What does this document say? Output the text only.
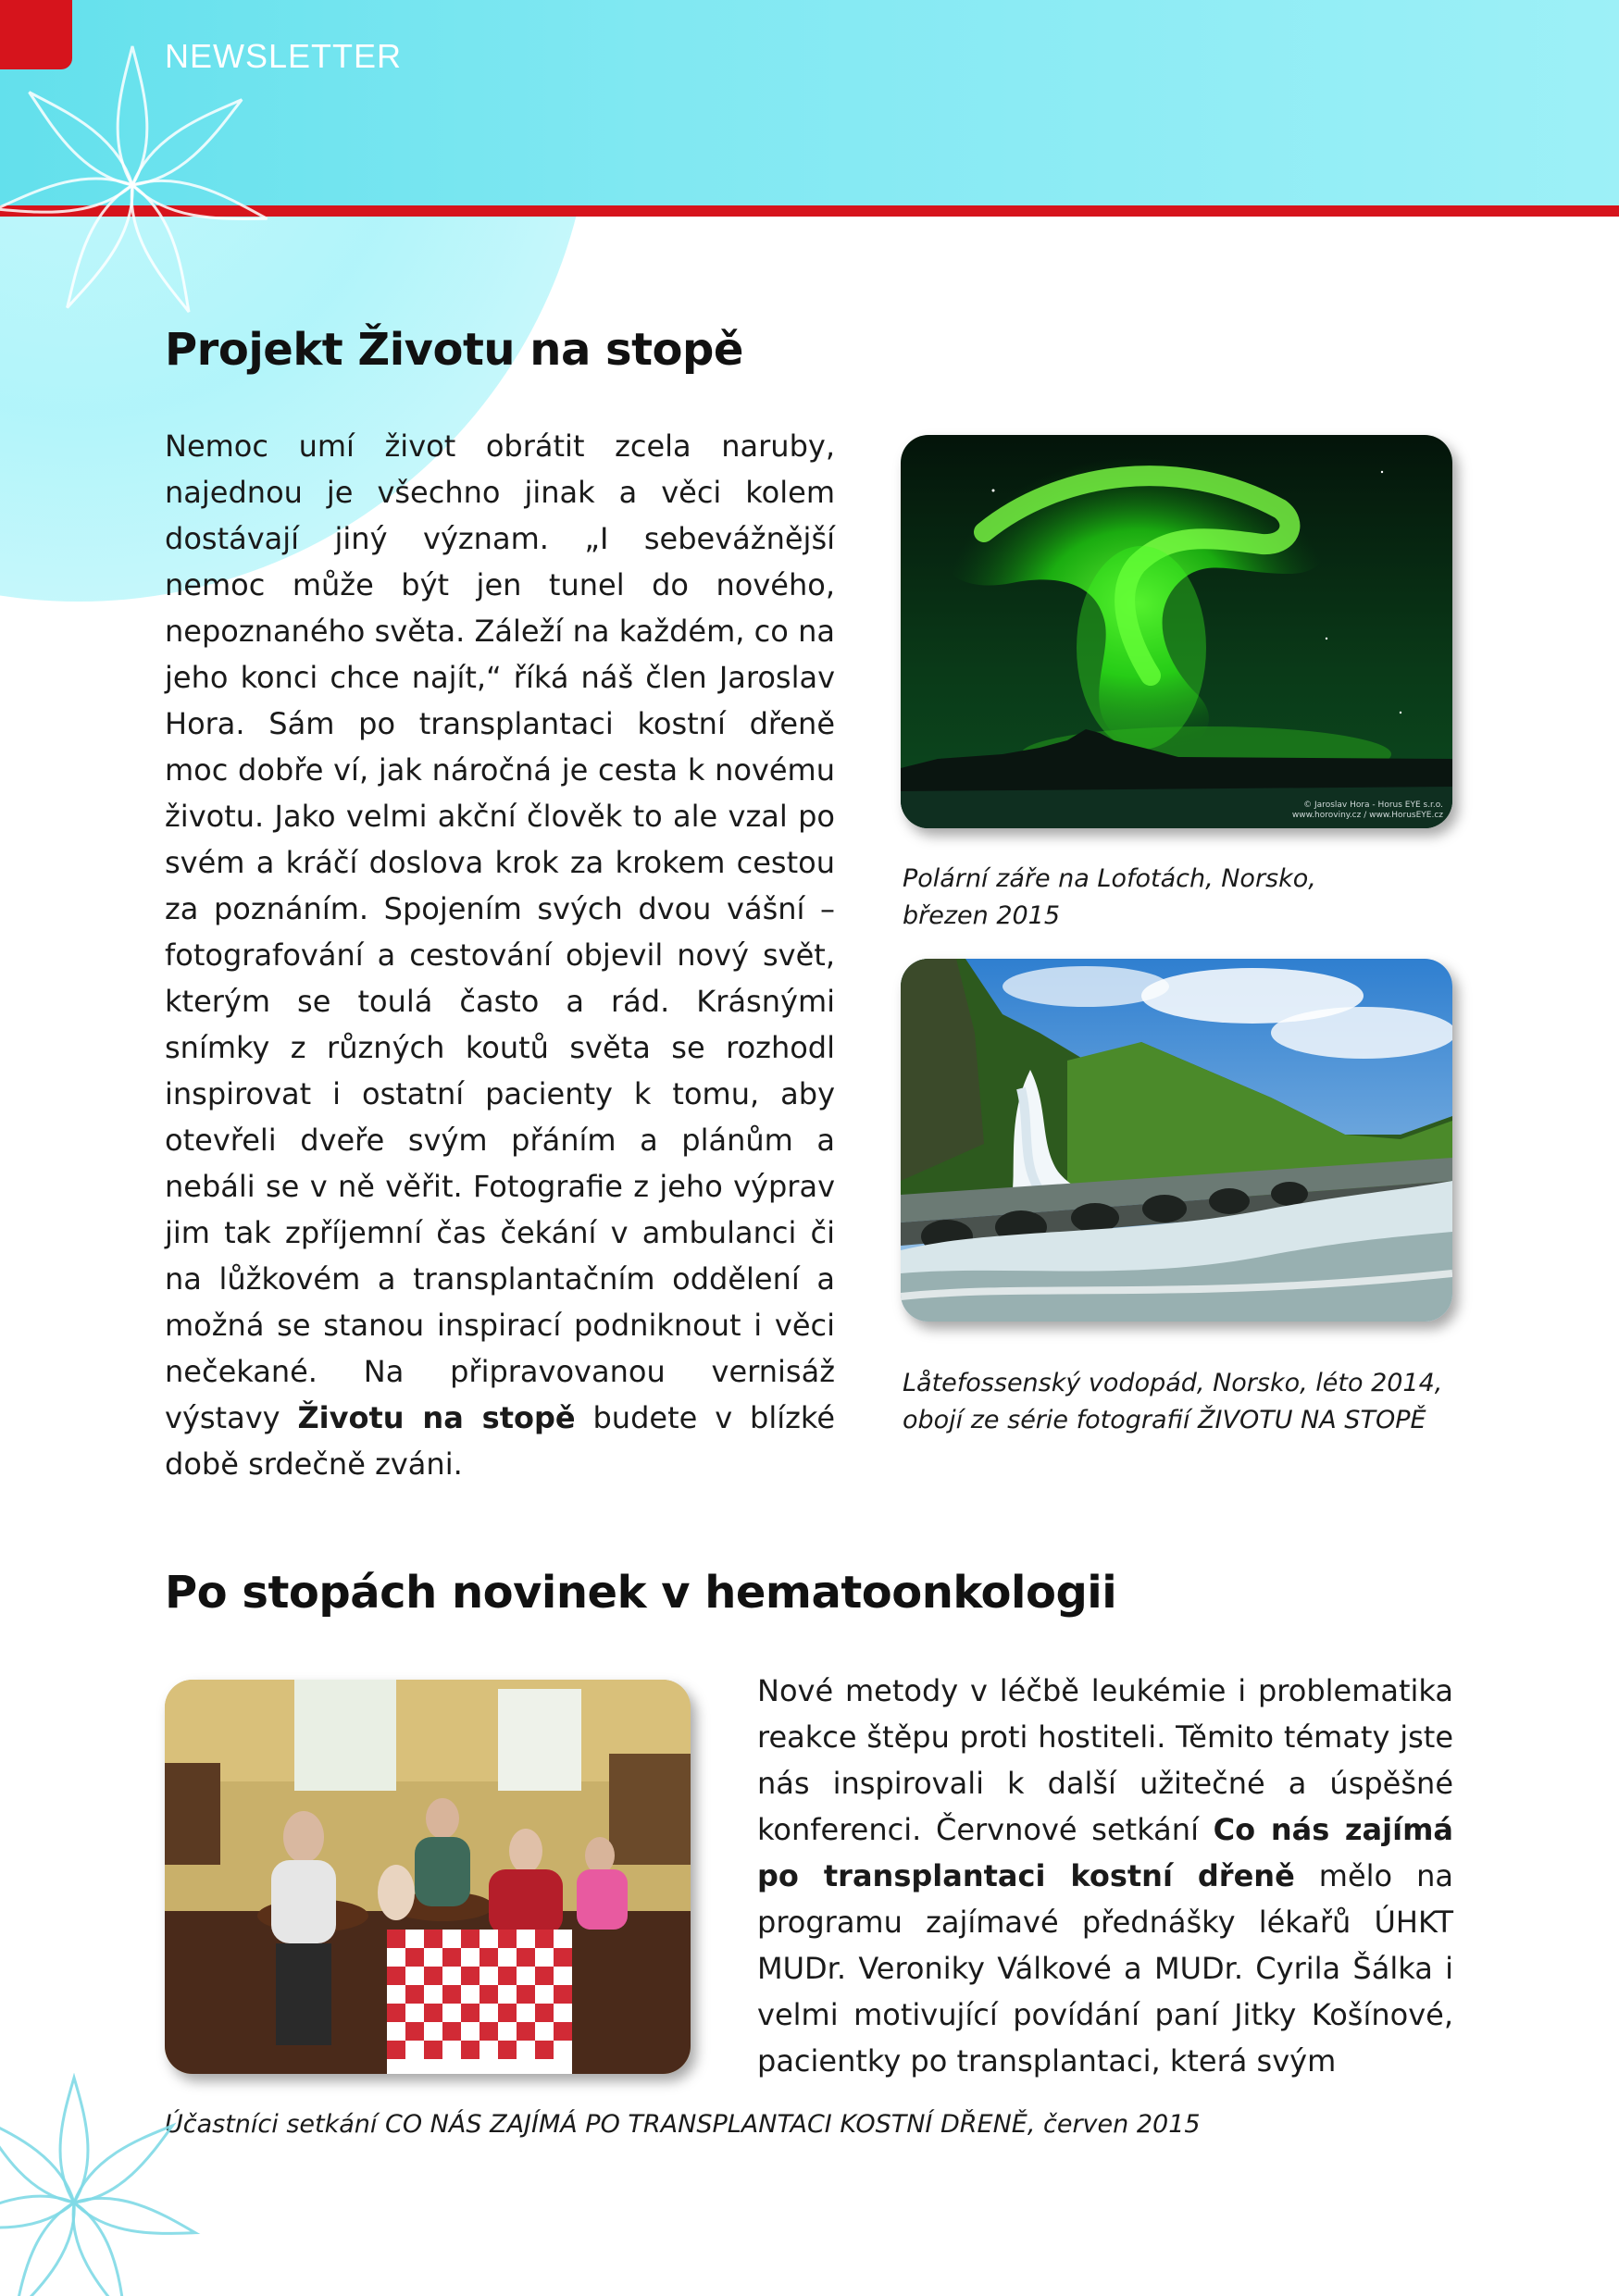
NEWSLETTER
Projekt Životu na stopě

Nemoc umí život obrátit zcela naruby, najednou je všechno jinak a věci kolem dostávají jiný význam. „I sebevážnější nemoc může být jen tunel do nového, nepoznaného světa. Záleží na každém, co na jeho konci chce najít,“ říká náš člen Jaroslav Hora. Sám po transplantaci kostní dřeně moc dobře ví, jak náročná je cesta k novému životu. Jako velmi akční člověk to ale vzal po svém a kráčí doslova krok za krokem cestou za poznáním. Spojením svých dvou vášní – fotografování a cestování objevil nový svět, kterým se toulá často a rád. Krásnými snímky z různých koutů světa se rozhodl inspirovat i ostatní pacienty k tomu, aby otevřeli dveře svým přáním a plánům a nebáli se v ně věřit. Fotografie z jeho výprav jim tak zpříjemní čas čekání v ambulanci či na lůžkovém a transplantačním oddělení a možná se stanou inspirací podniknout i věci nečekané. Na připravovanou vernisáž výstavy Životu na stopě budete v blízké době srdečně zváni.

© Jaroslav Hora - Horus EYE s.r.o.
www.horoviny.cz / www.HorusEYE.cz

Polární záře na Lofotách, Norsko,
březen 2015

Låtefossenský vodopád, Norsko, léto 2014,
obojí ze série fotografií ŽIVOTU NA STOPĚ

Po stopách novinek v hematoonkologii

Nové metody v léčbě leukémie i problematika reakce štěpu proti hostiteli. Těmito tématy jste nás inspirovali k další užitečné a úspěšné konferenci. Červnové setkání Co nás zajímá po transplantaci kostní dřeně mělo na programu zajímavé přednášky lékařů ÚHKT MUDr. Veroniky Válkové a MUDr. Cyrila Šálka i velmi motivující povídání paní Jitky Košínové, pacientky po transplantaci, která svým

Účastníci setkání CO NÁS ZAJÍMÁ PO TRANSPLANTACI KOSTNÍ DŘENĚ, červen 2015
